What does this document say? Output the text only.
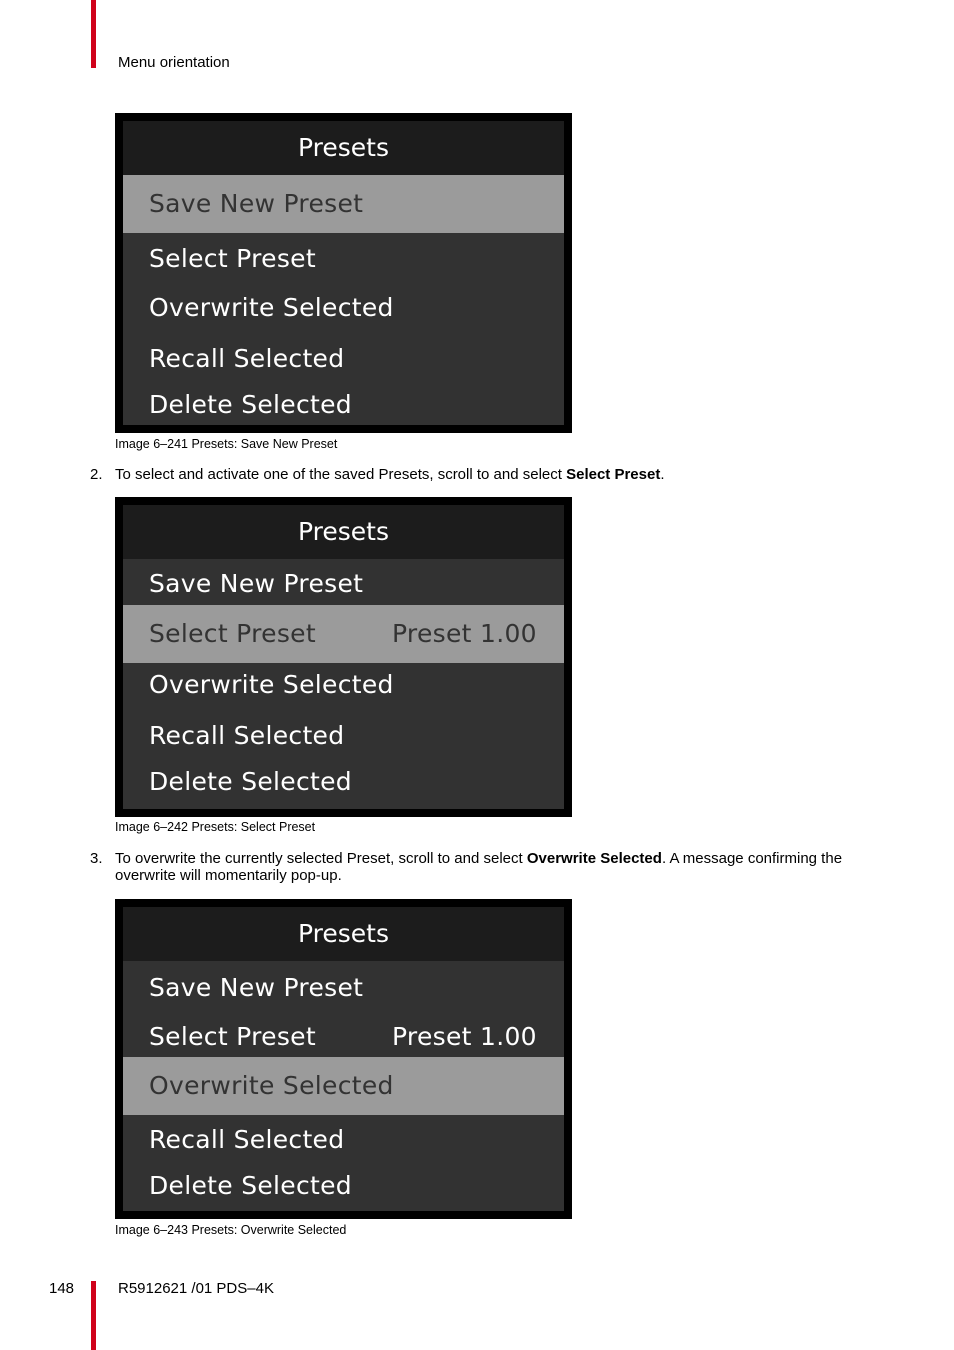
Menu orientation
Presets
Save New Preset
Select Preset
Overwrite Selected
Recall Selected
Delete Selected
Image 6–241 Presets: Save New Preset
2. To select and activate one of the saved Presets, scroll to and select Select Preset.
Presets
Save New Preset
Select Preset	Preset 1.00
Overwrite Selected
Recall Selected
Delete Selected
Image 6–242 Presets: Select Preset
3. To overwrite the currently selected Preset, scroll to and select Overwrite Selected. A message confirming the overwrite will momentarily pop-up.
Presets
Save New Preset
Select Preset	Preset 1.00
Overwrite Selected
Recall Selected
Delete Selected
Image 6–243 Presets: Overwrite Selected
148	R5912621 /01 PDS–4K
